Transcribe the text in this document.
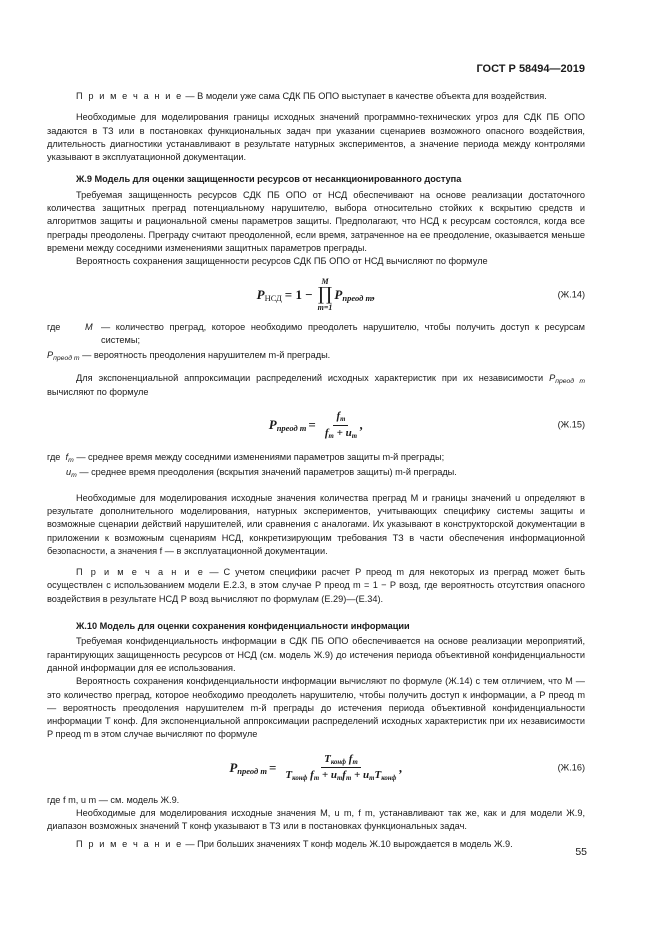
ГОСТ Р 58494—2019

П р и м е ч а н и е — В модели уже сама СДК ПБ ОПО выступает в качестве объекта для воздействия.

Необходимые для моделирования границы исходных значений программно-технических угроз для СДК ПБ ОПО задаются в ТЗ или в постановках функциональных задач при указании сценариев возможного опасного воздействия, длительность диагностики устанавливают в результате натурных экспериментов, а значение периода между контролями указывают в эксплуатационной документации.

Ж.9 Модель для оценки защищенности ресурсов от несанкционированного доступа

Требуемая защищенность ресурсов СДК ПБ ОПО от НСД обеспечивают на основе реализации достаточного количества защитных преград потенциальному нарушителю, выбора относительно стойких к вскрытию средств и алгоритмов защиты и рациональной смены параметров защиты. Предполагают, что НСД к ресурсам состоялся, когда все преграды преодолены. Преграду считают преодоленной, если время, затраченное на ее преодоление, оказывается меньше времени между соседними изменениями защитных параметров преграды.

Вероятность сохранения защищенности ресурсов СДК ПБ ОПО от НСД вычисляют по формуле

P НСД = 1 −
M
∏
m=1
P преод m ,	(Ж.14)
где	M — количество преград, которое необходимо преодолеть нарушителю, чтобы получить доступ к ресурсам системы;

$P_{преод m}$ — вероятность преодоления нарушителем m-й преграды.

Для экспоненциальной аппроксимации распределений исходных характеристик при их независимости $P_{преод m}$ вычисляют по формуле

P преод $m = \frac{f_m}{f_m + u_m}$ ,	(Ж.15)

где $f_m$ — среднее время между соседними изменениями параметров защиты m-й преграды;

$u_m$ — среднее время преодоления (вскрытия значений параметров защиты) m-й преграды.

Необходимые для моделирования исходные значения количества преград M и границы значений u определяют в результате дополнительного моделирования, натурных экспериментов, учитывающих специфику системы защиты и возможные сценарии действий нарушителей, или сравнения с аналогами. Их указывают в конструкторской документации в приложении к возможным сценариям НСД, конкретизирующим требования ТЗ в части обеспечения информационной безопасности, а значения f — в эксплуатационной документации.

П р и м е ч а н и е — С учетом специфики расчет P преод m для некоторых из преград может быть осуществлен с использованием модели Е.2.3, в этом случае P преод m = 1 − P возд, где вероятность отсутствия опасного воздействия в результате НСД P возд вычисляют по формулам (Е.29)—(Е.34).

Ж.10 Модель для оценки сохранения конфиденциальности информации

Требуемая конфиденциальность информации в СДК ПБ ОПО обеспечивается на основе реализации мероприятий, гарантирующих защищенность ресурсов от НСД (см. модель Ж.9) до истечения периода объективной конфиденциальности данной информации для ее использования.

Вероятность сохранения конфиденциальности информации вычисляют по формуле (Ж.14) с тем отличием, что M — это количество преград, которое необходимо преодолеть нарушителю, чтобы получить доступ к информации, а P преод m — вероятность преодоления нарушителем m-й преграды до истечения периода объективной конфиденциальности информации T конф. Для экспоненциальной аппроксимации распределений исходных характеристик при их независимости P преод m в этом случае вычисляют по формуле

P преод $m = \frac{T_{конф} f_m}{T_{конф} f_m + u_mf_m + u_mT_{конф}}$ ,	(Ж.16)

где f m, u m — см. модель Ж.9.

Необходимые для моделирования исходные значения M, u m, f m, устанавливают так же, как и для модели Ж.9, диапазон возможных значений T конф указывают в ТЗ или в постановках функциональных задач.

П р и м е ч а н и е — При больших значениях T конф модель Ж.10 вырождается в модель Ж.9.

55
